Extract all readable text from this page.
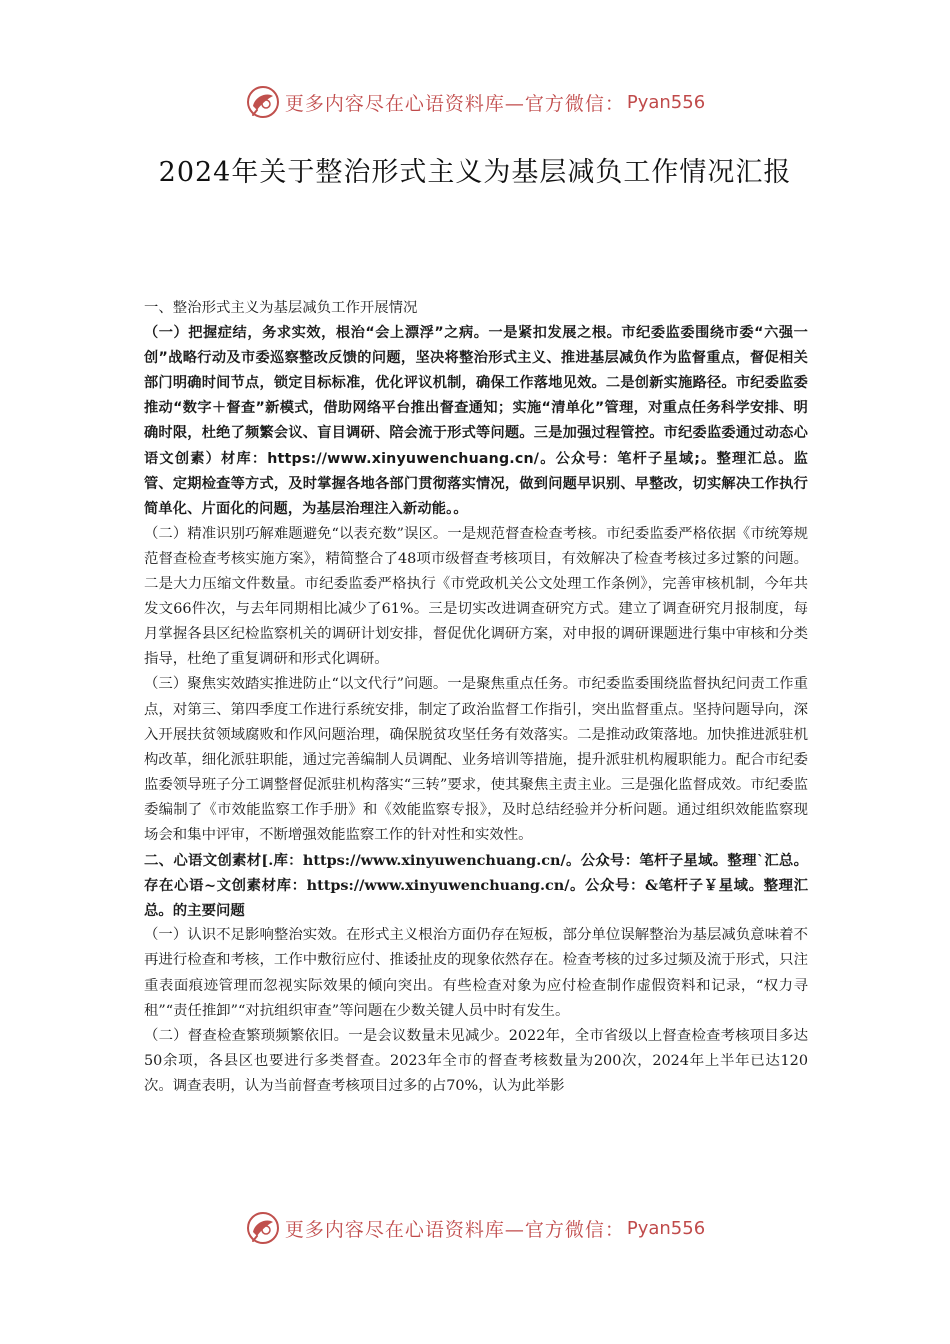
更多内容尽在心语资料库—官方微信： Pyan556
2024年关于整治形式主义为基层减负工作情况汇报

一、整治形式主义为基层减负工作开展情况

（一）把握症结，务求实效，根治“会上漂浮”之病。一是紧扣发展之根。市纪委监委围绕市委“六强一创”战略行动及市委巡察整改反馈的问题，坚决将整治形式主义、推进基层减负作为监督重点，督促相关部门明确时间节点，锁定目标标准，优化评议机制，确保工作落地见效。二是创新实施路径。市纪委监委推动“数字＋督查”新模式，借助网络平台推出督查通知；实施“清单化”管理，对重点任务科学安排、明确时限，杜绝了频繁会议、盲目调研、陪会流于形式等问题。三是加强过程管控。市纪委监委通过动态心语文创素）材库：https://www.xinyuwenchuang.cn/。公众号：笔杆子星域;。整理汇总。监管、定期检查等方式，及时掌握各地各部门贯彻落实情况，做到问题早识别、早整改，切实解决工作执行简单化、片面化的问题，为基层治理注入新动能。。

（二）精准识别巧解难题避免“以表充数”误区。一是规范督查检查考核。市纪委监委严格依据《市统筹规范督查检查考核实施方案》，精简整合了48项市级督查考核项目，有效解决了检查考核过多过繁的问题。二是大力压缩文件数量。市纪委监委严格执行《市党政机关公文处理工作条例》，完善审核机制，今年共发文66件次，与去年同期相比减少了61%。三是切实改进调查研究方式。建立了调查研究月报制度，每月掌握各县区纪检监察机关的调研计划安排，督促优化调研方案，对申报的调研课题进行集中审核和分类指导，杜绝了重复调研和形式化调研。

（三）聚焦实效踏实推进防止“以文代行”问题。一是聚焦重点任务。市纪委监委围绕监督执纪问责工作重点，对第三、第四季度工作进行系统安排，制定了政治监督工作指引，突出监督重点。坚持问题导向，深入开展扶贫领域腐败和作风问题治理，确保脱贫攻坚任务有效落实。二是推动政策落地。加快推进派驻机构改革，细化派驻职能，通过完善编制人员调配、业务培训等措施，提升派驻机构履职能力。配合市纪委监委领导班子分工调整督促派驻机构落实“三转”要求，使其聚焦主责主业。三是强化监督成效。市纪委监委编制了《市效能监察工作手册》和《效能监察专报》，及时总结经验并分析问题。通过组织效能监察现场会和集中评审，不断增强效能监察工作的针对性和实效性。

二、心语文创素材[.库：https://www.xinyuwenchuang.cn/。公众号：笔杆子星域。整理`汇总。存在心语~文创素材库：https://www.xinyuwenchuang.cn/。公众号：&笔杆子￥星域。整理汇总。的主要问题

（一）认识不足影响整治实效。在形式主义根治方面仍存在短板，部分单位误解整治为基层减负意味着不再进行检查和考核，工作中敷衍应付、推诿扯皮的现象依然存在。检查考核的过多过频及流于形式，只注重表面痕迹管理而忽视实际效果的倾向突出。有些检查对象为应付检查制作虚假资料和记录，“权力寻租”“责任推卸”“对抗组织审查”等问题在少数关键人员中时有发生。

（二）督查检查繁琐频繁依旧。一是会议数量未见减少。2022年，全市省级以上督查检查考核项目多达50余项，各县区也要进行多类督查。2023年全市的督查考核数量为200次，2024年上半年已达120次。调查表明，认为当前督查考核项目过多的占70%，认为此举影

更多内容尽在心语资料库—官方微信： Pyan556
